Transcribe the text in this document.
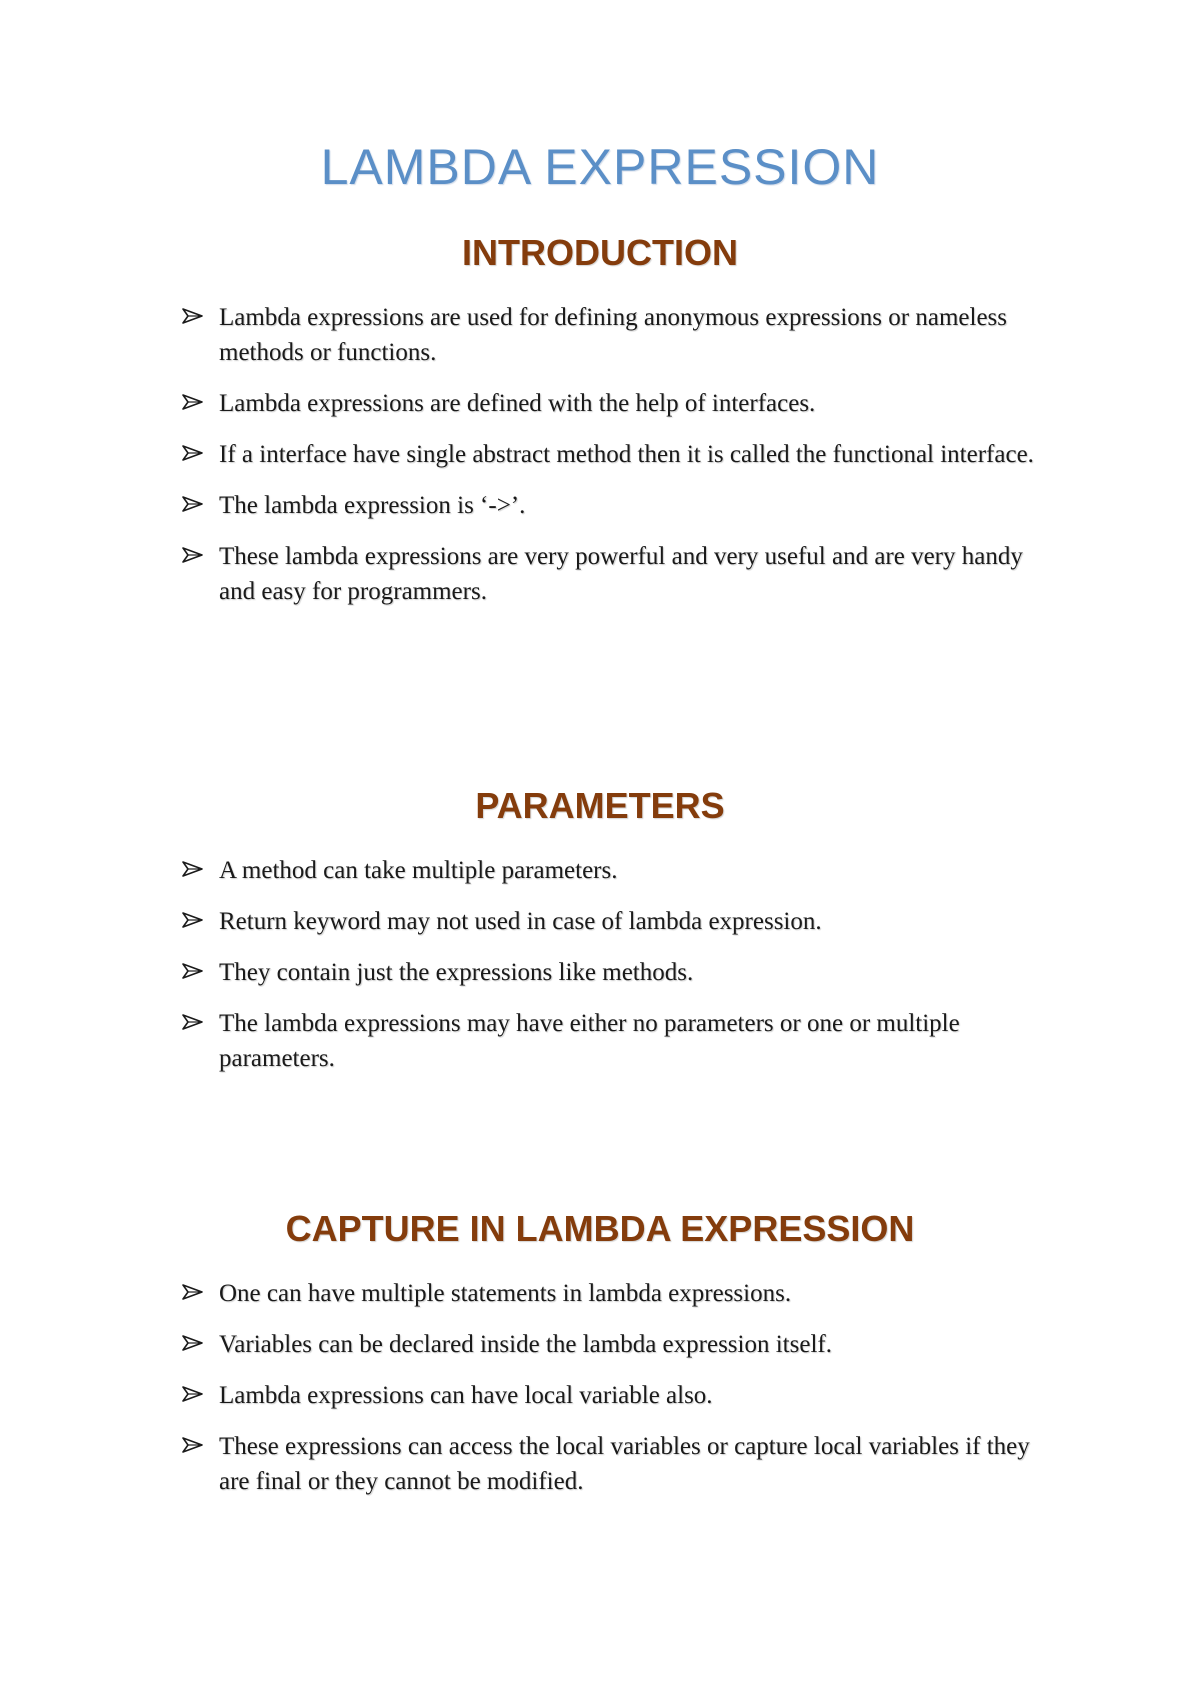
LAMBDA EXPRESSION
INTRODUCTION
Lambda expressions are used for defining anonymous expressions or nameless methods or functions.
Lambda expressions are defined with the help of interfaces.
If a interface have single abstract method then it is called the functional interface.
The lambda expression is ‘->’.
These lambda expressions are very powerful and very useful and are very handy and easy for programmers.
PARAMETERS
A method can take multiple parameters.
Return keyword may not used in case of lambda expression.
They contain just the expressions like methods.
The lambda expressions may have either no parameters or one or multiple parameters.
CAPTURE IN LAMBDA EXPRESSION
One can have multiple statements in lambda expressions.
Variables can be declared inside the lambda expression itself.
Lambda expressions can have local variable also.
These expressions can access the local variables or capture local variables if they are final or they cannot be modified.
